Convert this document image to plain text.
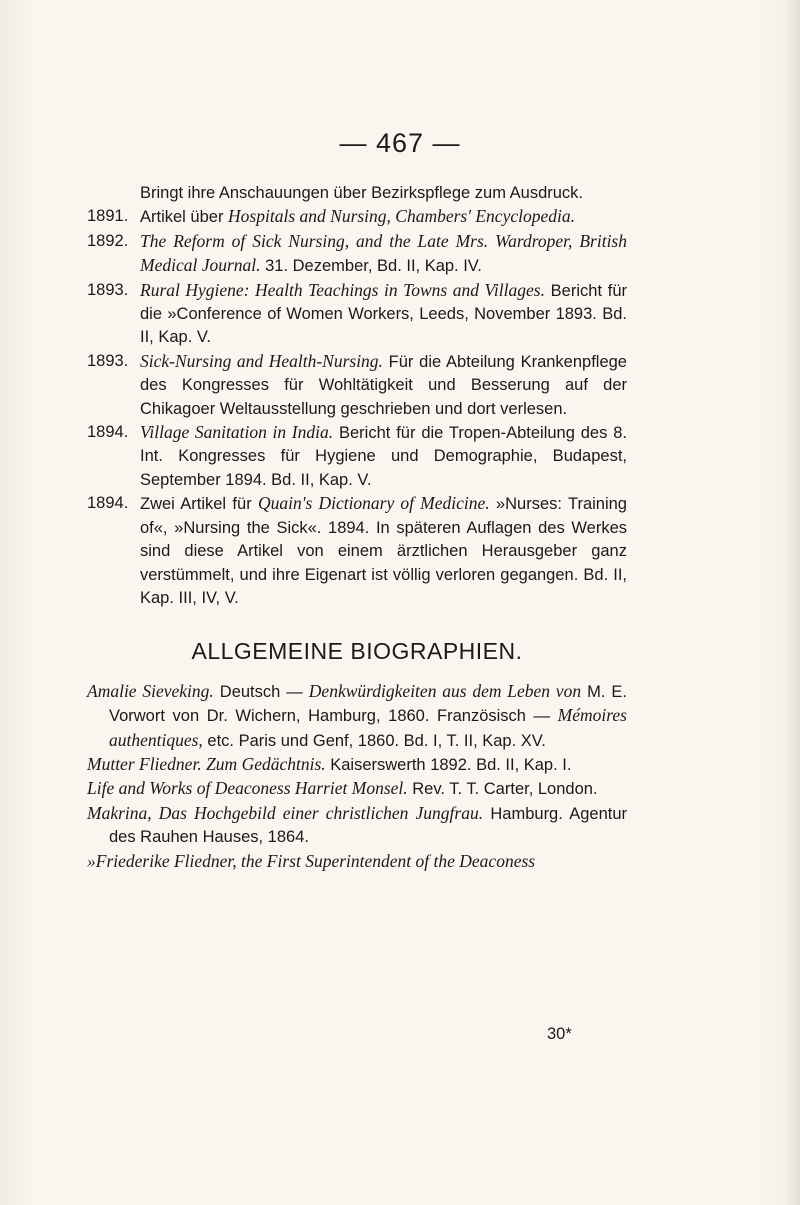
— 467 —

Bringt ihre Anschauungen über Bezirkspflege zum Ausdruck.

1891. Artikel über Hospitals and Nursing, Chambers' Encyclopedia.

1892. The Reform of Sick Nursing, and the Late Mrs. Wardroper, British Medical Journal. 31. Dezember, Bd. II, Kap. IV.

1893. Rural Hygiene: Health Teachings in Towns and Villages. Bericht für die »Conference of Women Workers, Leeds, November 1893. Bd. II, Kap. V.

1893. Sick-Nursing and Health-Nursing. Für die Abteilung Krankenpflege des Kongresses für Wohltätigkeit und Besserung auf der Chikagoer Weltausstellung geschrieben und dort verlesen.

1894. Village Sanitation in India. Bericht für die Tropen-Abteilung des 8. Int. Kongresses für Hygiene und Demographie, Budapest, September 1894. Bd. II, Kap. V.

1894. Zwei Artikel für Quain's Dictionary of Medicine. »Nurses: Training of«, »Nursing the Sick«. 1894. In späteren Auflagen des Werkes sind diese Artikel von einem ärztlichen Herausgeber ganz verstümmelt, und ihre Eigenart ist völlig verloren gegangen. Bd. II, Kap. III, IV, V.

ALLGEMEINE BIOGRAPHIEN.

Amalie Sieveking. Deutsch — Denkwürdigkeiten aus dem Leben von M. E. Vorwort von Dr. Wichern, Hamburg, 1860. Französisch — Mémoires authentiques, etc. Paris und Genf, 1860. Bd. I, T. II, Kap. XV.

Mutter Fliedner. Zum Gedächtnis. Kaiserswerth 1892. Bd. II, Kap. I.

Life and Works of Deaconess Harriet Monsel. Rev. T. T. Carter, London.

Makrina, Das Hochgebild einer christlichen Jungfrau. Hamburg. Agentur des Rauhen Hauses, 1864.

»Friederike Fliedner, the First Superintendent of the Deaconess

30*
